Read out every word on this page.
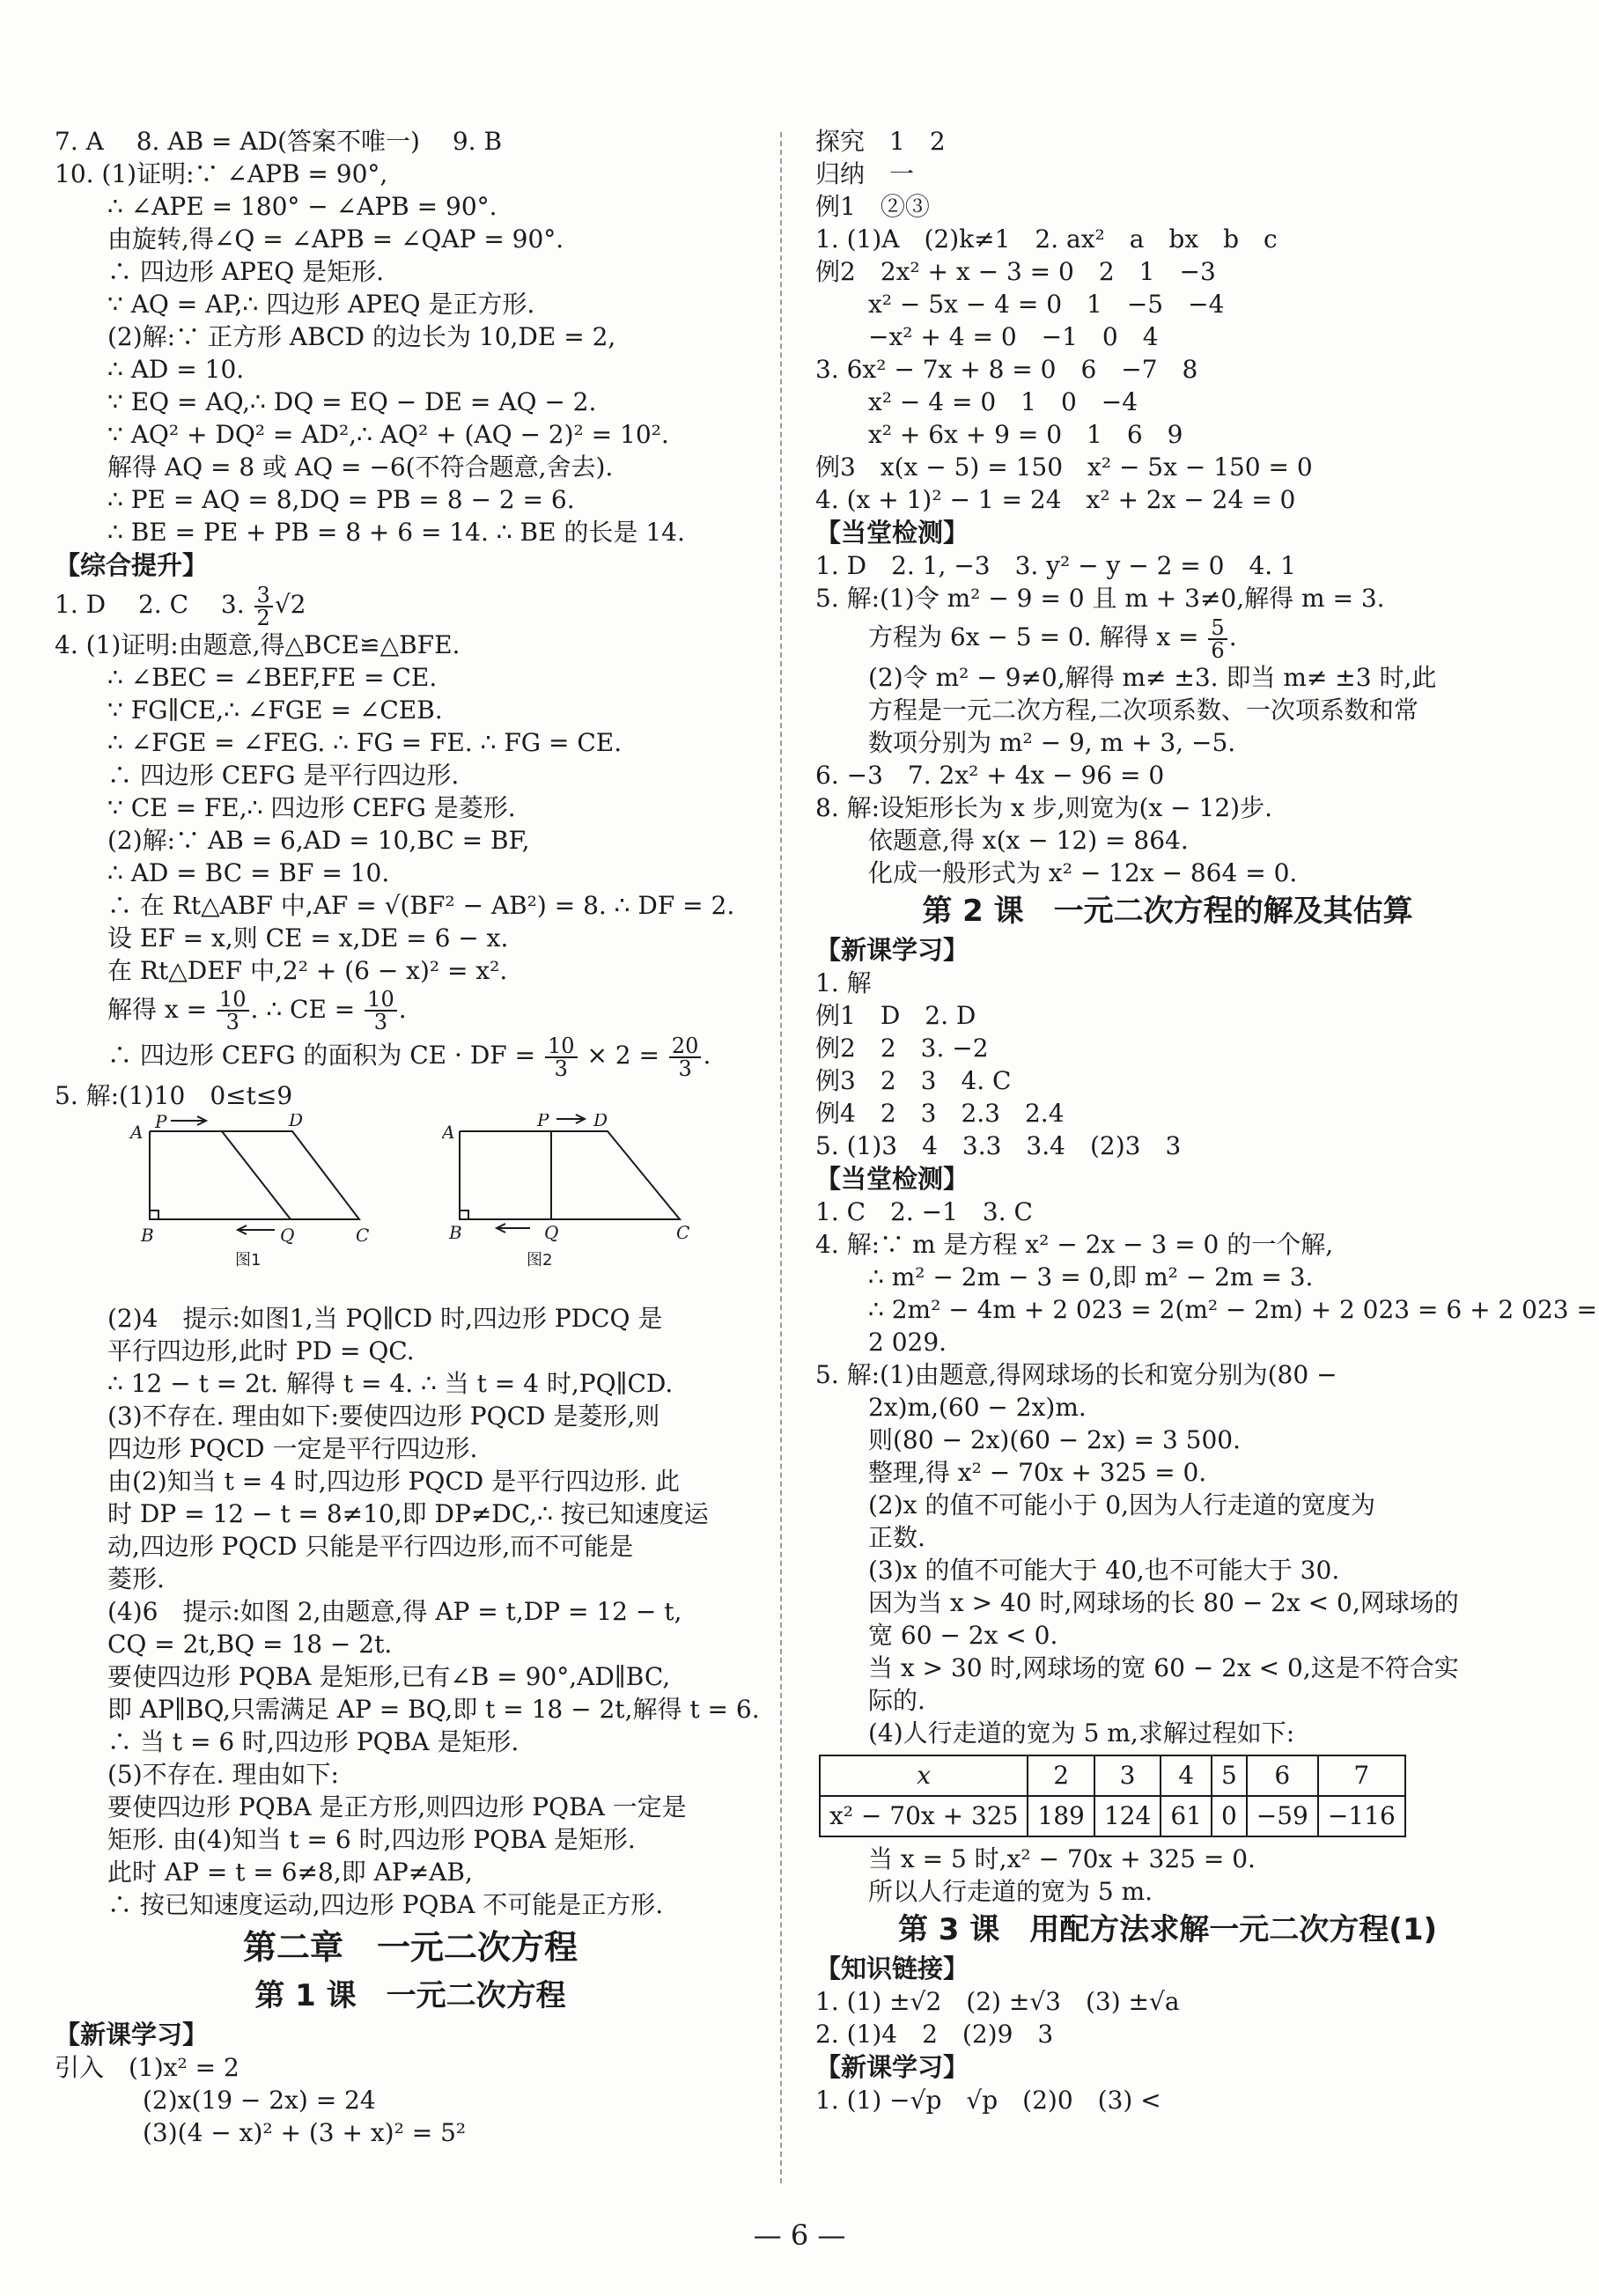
7. A　 8. AB = AD(答案不唯一)　 9. B
10. (1)证明:∵ ∠APB = 90°,
∴ ∠APE = 180° − ∠APB = 90°.
由旋转,得∠Q = ∠APB = ∠QAP = 90°.
∴ 四边形 APEQ 是矩形.
∵ AQ = AP,∴ 四边形 APEQ 是正方形.
(2)解:∵ 正方形 ABCD 的边长为 10,DE = 2,
∴ AD = 10.
∵ EQ = AQ,∴ DQ = EQ − DE = AQ − 2.
∵ AQ² + DQ² = AD²,∴ AQ² + (AQ − 2)² = 10².
解得 AQ = 8 或 AQ = −6(不符合题意,舍去).
∴ PE = AQ = 8,DQ = PB = 8 − 2 = 6.
∴ BE = PE + PB = 8 + 6 = 14. ∴ BE 的长是 14.
【综合提升】
1. D　 2. C　 3. $\frac{3}{2} √2$
4. (1)证明:由题意,得△BCE≌△BFE.
∴ ∠BEC = ∠BEF,FE = CE.
∵ FG∥CE,∴ ∠FGE = ∠CEB.
∴ ∠FGE = ∠FEG. ∴ FG = FE. ∴ FG = CE.
∴ 四边形 CEFG 是平行四边形.
∵ CE = FE,∴ 四边形 CEFG 是菱形.
(2)解:∵ AB = 6,AD = 10,BC = BF,
∴ AD = BC = BF = 10.
∴ 在 Rt△ABF 中,AF = √(BF² − AB²) = 8. ∴ DF = 2.
设 EF = x,则 CE = x,DE = 6 − x.
在 Rt△DEF 中,2² + (6 − x)² = x².
解得 $x = \frac{10}{3}$ . ∴ CE = $\frac{10}{3}$ .
∴ 四边形 CEFG 的面积为 CE · DF = $\frac{10}{3} \times 2 = \frac{20}{3}$ .
5. 解:(1)10　0≤t≤9
A P	D
B	Q	C
图1
A
P	D
B	Q	C
图2
(2)4　提示:如图1,当 PQ∥CD 时,四边形 PDCQ 是
平行四边形,此时 PD = QC.
∴ 12 − t = 2t. 解得 t = 4. ∴ 当 t = 4 时,PQ∥CD.
(3)不存在. 理由如下:要使四边形 PQCD 是菱形,则
四边形 PQCD 一定是平行四边形.
由(2)知当 t = 4 时,四边形 PQCD 是平行四边形. 此
时 DP = 12 − t = 8≠10,即 DP≠DC,∴ 按已知速度运
动,四边形 PQCD 只能是平行四边形,而不可能是
菱形.
(4)6　提示:如图 2,由题意,得 AP = t,DP = 12 − t,
CQ = 2t,BQ = 18 − 2t.
要使四边形 PQBA 是矩形,已有∠B = 90°,AD∥BC,
即 AP∥BQ,只需满足 AP = BQ,即 t = 18 − 2t,解得 t = 6.
∴ 当 t = 6 时,四边形 PQBA 是矩形.
(5)不存在. 理由如下:
要使四边形 PQBA 是正方形,则四边形 PQBA 一定是
矩形. 由(4)知当 t = 6 时,四边形 PQBA 是矩形.
此时 AP = t = 6≠8,即 AP≠AB,
∴ 按已知速度运动,四边形 PQBA 不可能是正方形.
第二章　一元二次方程
第 1 课　一元二次方程
【新课学习】
引入　(1)x² = 2
(2)x(19 − 2x) = 24
(3)(4 − x)² + (3 + x)² = 5²
探究　1　2
归纳　一
例1　②③
1. (1)A　(2)k≠1　2. ax²　a　bx　b　c
例2　2x² + x − 3 = 0　2　1　−3
x² − 5x − 4 = 0　1　−5　−4
−x² + 4 = 0　−1　0　4
3. 6x² − 7x + 8 = 0　6　−7　8
x² − 4 = 0　1　0　−4
x² + 6x + 9 = 0　1　6　9
例3　x(x − 5) = 150　x² − 5x − 150 = 0
4. (x + 1)² − 1 = 24　x² + 2x − 24 = 0
【当堂检测】
1. D　2. 1, −3　3. y² − y − 2 = 0　4. 1
5. 解:(1)令 m² − 9 = 0 且 m + 3≠0,解得 m = 3.
方程为 6x − 5 = 0. 解得 $x = \frac{5}{6}$ .
(2)令 m² − 9≠0,解得 m≠ ±3. 即当 m≠ ±3 时,此
方程是一元二次方程,二次项系数、一次项系数和常
数项分别为 m² − 9, m + 3, −5.
6. −3　7. 2x² + 4x − 96 = 0
8. 解:设矩形长为 x 步,则宽为(x − 12)步.
依题意,得 x(x − 12) = 864.
化成一般形式为 x² − 12x − 864 = 0.
第 2 课　一元二次方程的解及其估算
【新课学习】
1. 解
例1　D　2. D
例2　2　3. −2
例3　2　3　4. C
例4　2　3　2.3　2.4
5. (1)3　4　3.3　3.4　(2)3　3
【当堂检测】
1. C　2. −1　3. C
4. 解:∵ m 是方程 x² − 2x − 3 = 0 的一个解,
∴ m² − 2m − 3 = 0,即 m² − 2m = 3.
∴ 2m² − 4m + 2 023 = 2(m² − 2m) + 2 023 = 6 + 2 023 =
2 029.
5. 解:(1)由题意,得网球场的长和宽分别为(80 −
2x)m,(60 − 2x)m.
则(80 − 2x)(60 − 2x) = 3 500.
整理,得 x² − 70x + 325 = 0.
(2)x 的值不可能小于 0,因为人行走道的宽度为
正数.
(3)x 的值不可能大于 40,也不可能大于 30.
因为当 x > 40 时,网球场的长 80 − 2x < 0,网球场的
宽 60 − 2x < 0.
当 x > 30 时,网球场的宽 60 − 2x < 0,这是不符合实
际的.
(4)人行走道的宽为 5 m,求解过程如下:
x	2	3	4	5	6	7
x² − 70x + 325	189	124	61	0	−59	−116
当 x = 5 时,x² − 70x + 325 = 0.
所以人行走道的宽为 5 m.
第 3 课　用配方法求解一元二次方程(1)
【知识链接】
1. (1) ±√2　(2) ±√3　(3) ±√a
2. (1)4　2　(2)9　3
【新课学习】
1. (1) −√p　√p　(2)0　(3) <
— 6 —
